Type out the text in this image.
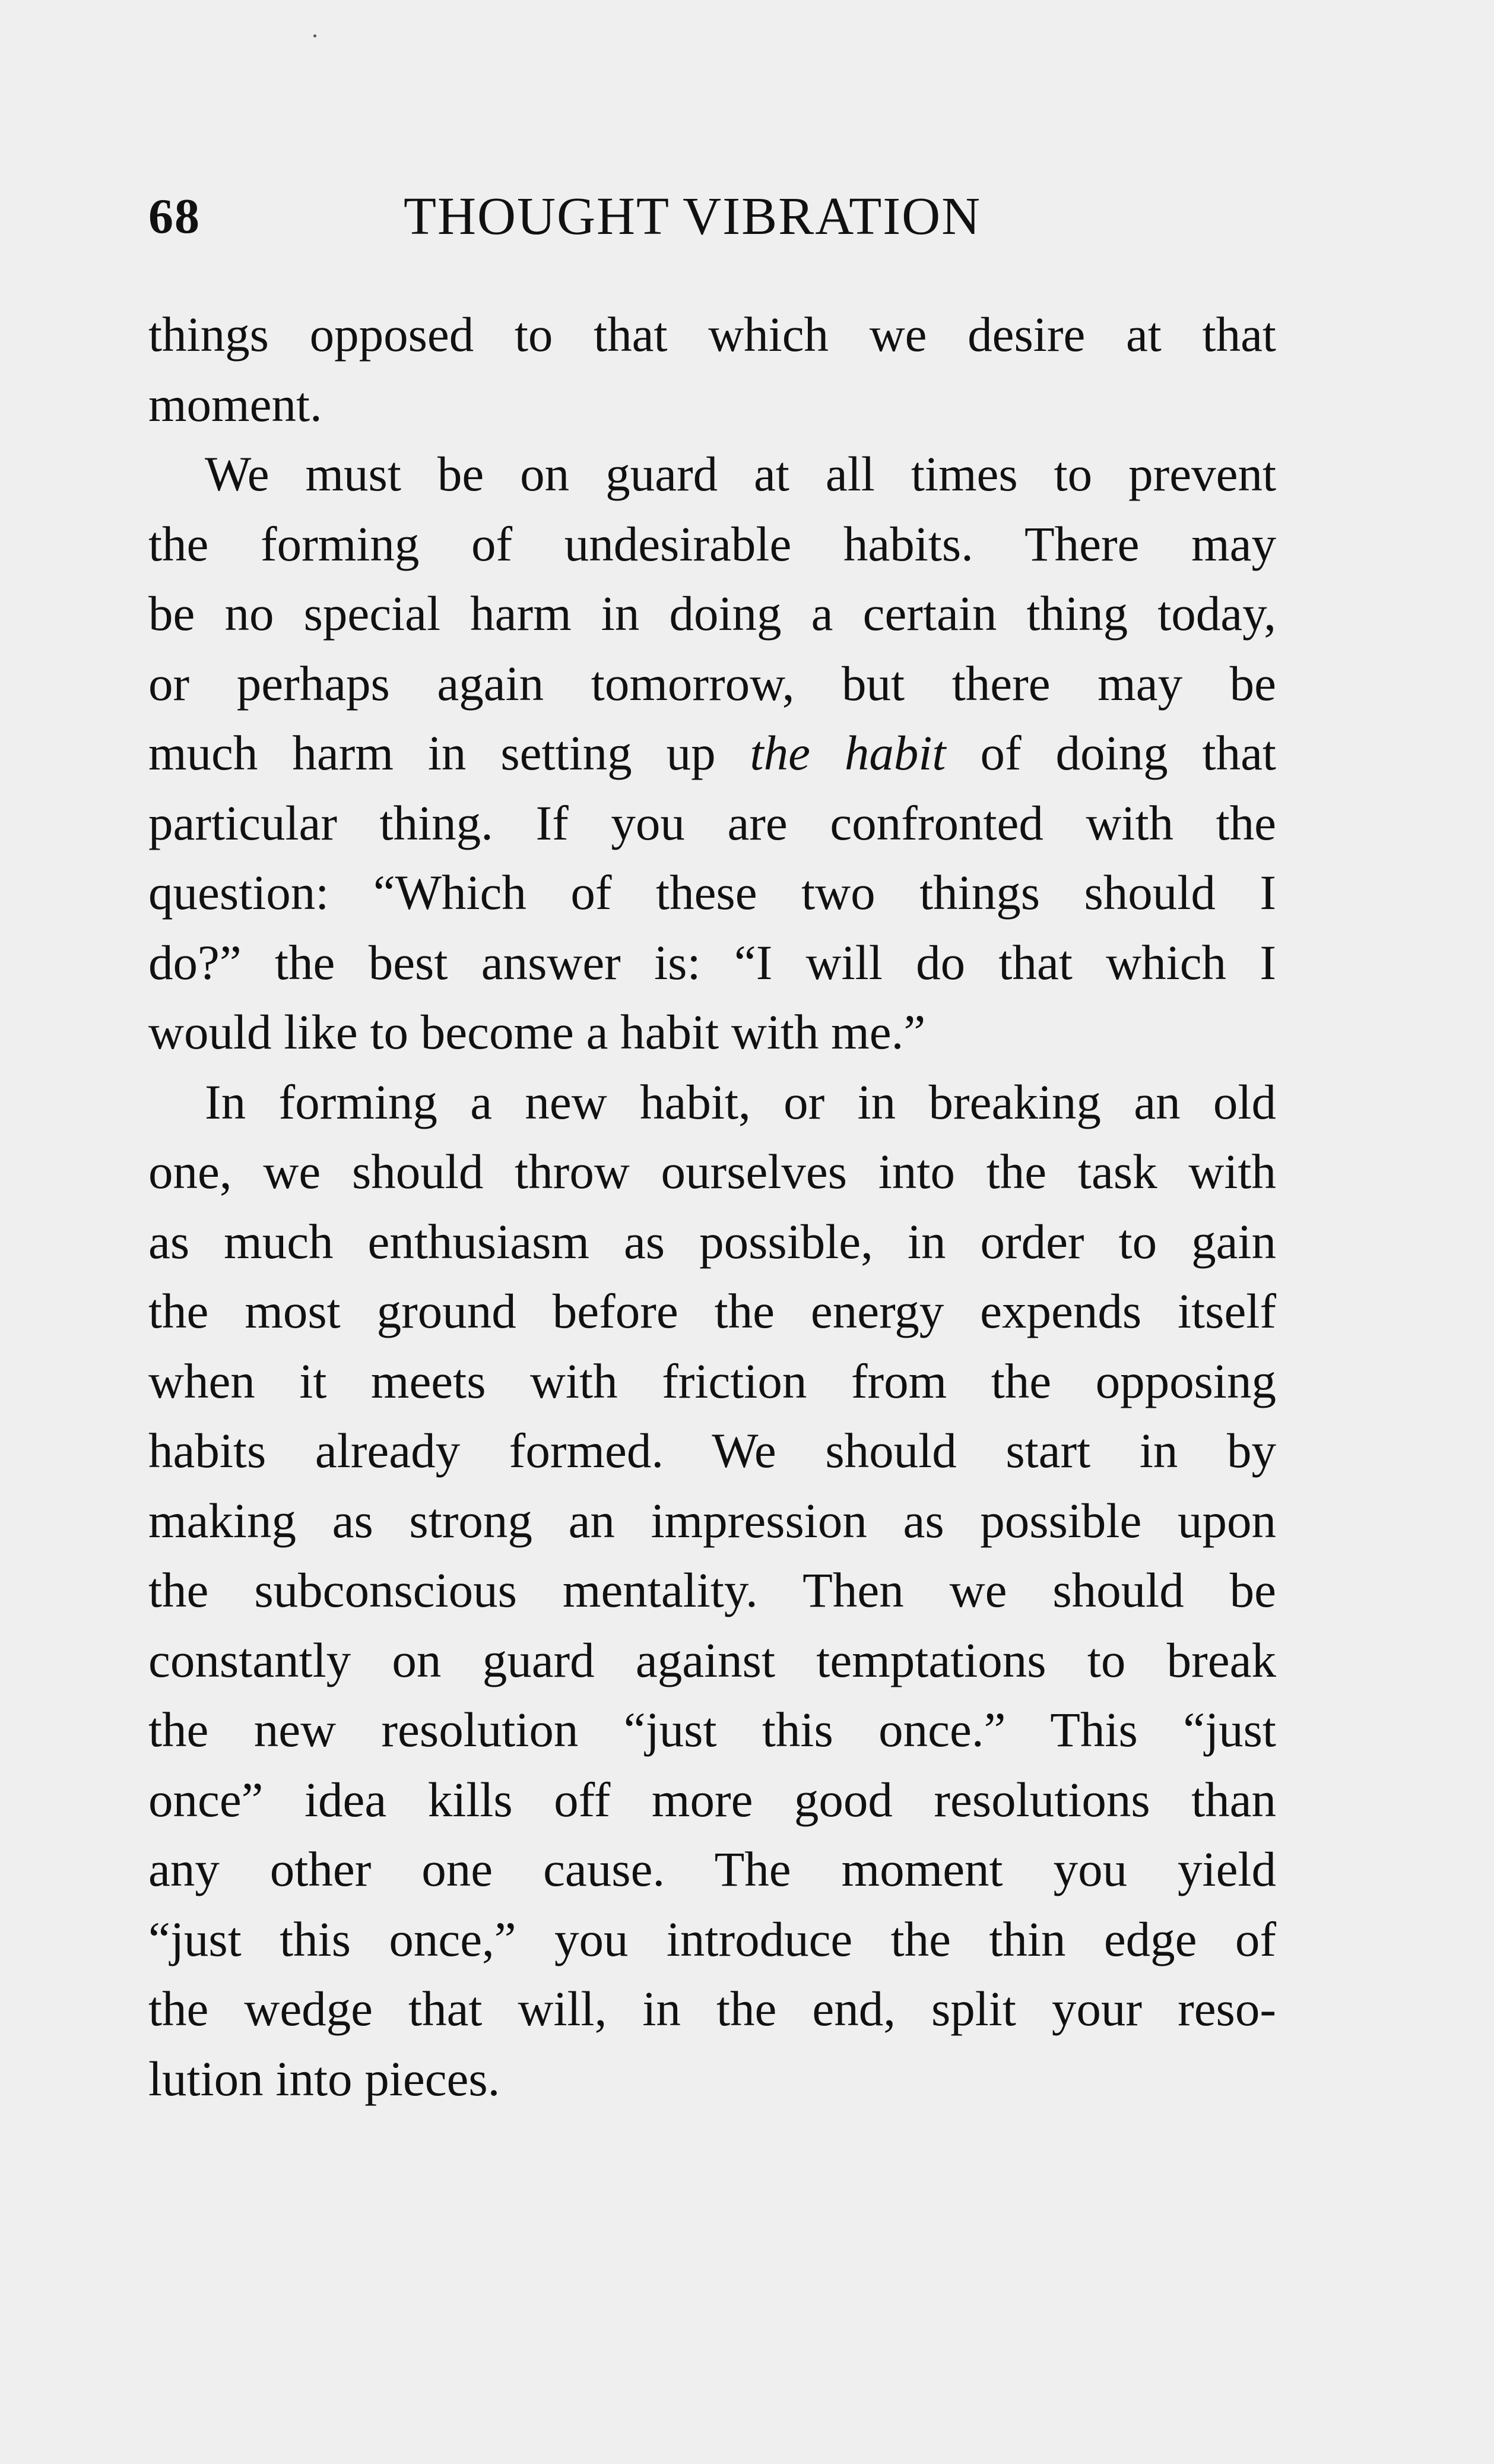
68	THOUGHT VIBRATION
things opposed to that which we desire at that
moment.
We must be on guard at all times to prevent
the forming of undesirable habits. There may
be no special harm in doing a certain thing today,
or perhaps again tomorrow, but there may be
much harm in setting up the habit of doing that
particular thing. If you are confronted with the
question: “Which of these two things should I
do?” the best answer is: “I will do that which I
would like to become a habit with me.”
In forming a new habit, or in breaking an old
one, we should throw ourselves into the task with
as much enthusiasm as possible, in order to gain
the most ground before the energy expends itself
when it meets with friction from the opposing
habits already formed. We should start in by
making as strong an impression as possible upon
the subconscious mentality. Then we should be
constantly on guard against temptations to break
the new resolution “just this once.” This “just
once” idea kills off more good resolutions than
any other one cause. The moment you yield
“just this once,” you introduce the thin edge of
the wedge that will, in the end, split your reso-
lution into pieces.
